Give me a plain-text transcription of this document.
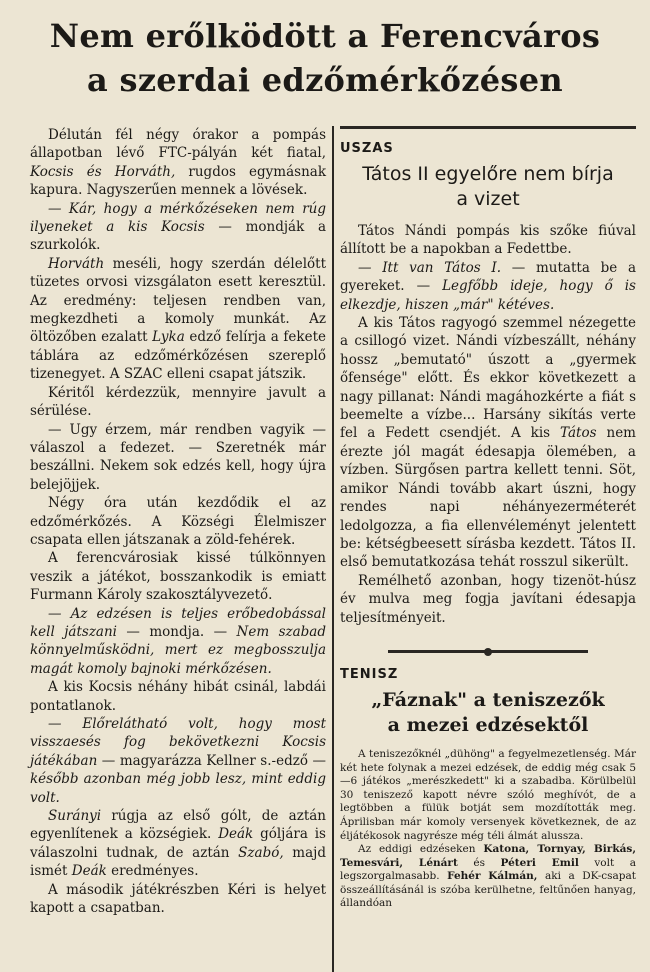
Nem erőlködött a Ferencváros
a szerdai edzőmérkőzésen

Délután fél négy órakor a pompás állapotban lévő FTC-pályán két fiatal, Kocsis és Horváth, rugdos egymásnak kapura. Nagyszerűen mennek a lövések.

— Kár, hogy a mérkőzéseken nem rúg ilyeneket a kis Kocsis — mondják a szurkolók.

Horváth meséli, hogy szerdán délelőtt tüzetes orvosi vizsgálaton esett keresztül. Az eredmény: teljesen rendben van, megkezdheti a komoly munkát. Az öltözőben ezalatt Lyka edző felírja a fekete táblára az edzőmérkőzésen szereplő tizenegyet. A SZAC elleni csapat játszik.

Kéritől kérdezzük, mennyire javult a sérülése.

— Ugy érzem, már rendben vagyik — válaszol a fedezet. — Szeretnék már beszállni. Nekem sok edzés kell, hogy újra belejöjjek.

Négy óra után kezdődik el az edzőmérkőzés. A Községi Élelmiszer csapata ellen játszanak a zöld-fehérek.

A ferencvárosiak kissé túlkönnyen veszik a játékot, bosszankodik is emiatt Furmann Károly szakosztályvezető.

— Az edzésen is teljes erőbedobással kell játszani — mondja. — Nem szabad könnyelműsködni, mert ez megbosszulja magát komoly bajnoki mérkőzésen.

A kis Kocsis néhány hibát csinál, labdái pontatlanok.

— Előrelátható volt, hogy most visszaesés fog bekövetkezni Kocsis játékában — magyarázza Kellner s.-edző — később azonban még jobb lesz, mint eddig volt.

Surányi rúgja az első gólt, de aztán egyenlítenek a községiek. Deák góljára is válaszolni tudnak, de aztán Szabó, majd ismét Deák eredményes.

A második játékrészben Kéri is helyet kapott a csapatban.

USZAS
Tátos II egyelőre nem bírja
a vizet

Tátos Nándi pompás kis szőke fiúval állított be a napokban a Fedettbe.

— Itt van Tátos I. — mutatta be a gyereket. — Legfőbb ideje, hogy ő is elkezdje, hiszen „már" kétéves.

A kis Tátos ragyogó szemmel nézegette a csillogó vizet. Nándi vízbeszállt, néhány hossz „bemutató" úszott a „gyermek őfensége" előtt. És ekkor következett a nagy pillanat: Nándi magáhozkérte a fiát s beemelte a vízbe... Harsány sikítás verte fel a Fedett csendjét. A kis Tátos nem érezte jól magát édesapja ölemében, a vízben. Sürgősen partra kellett tenni. Söt, amikor Nándi tovább akart úszni, hogy rendes napi néhányezerméterét ledolgozza, a fia ellenvéleményt jelentett be: kétségbeesett sírásba kezdett. Tátos II. első bemutatkozása tehát rosszul sikerült.

Remélhető azonban, hogy tizenöt-húsz év mulva meg fogja javítani édesapja teljesítményeit.

TENISZ
„Fáznak" a teniszezők
a mezei edzésektől

A teniszezőknél „dühöng" a fegyelmezetlenség. Már két hete folynak a mezei edzések, de eddig még csak 5—6 játékos „merészkedett" ki a szabadba. Körülbelül 30 teniszező kapott névre szóló meghívót, de a legtöbben a fülük botját sem mozdították meg. Áprilisban már komoly versenyek következnek, de az éljátékosok nagyrésze még téli álmát alussza.

Az eddigi edzéseken Katona, Tornyay, Birkás, Temesvári, Lénárt és Péteri Emil volt a legszorgalmasabb. Fehér Kálmán, aki a DK-csapat összeállításánál is szóba kerülhetne, feltűnően hanyag, állandóan
